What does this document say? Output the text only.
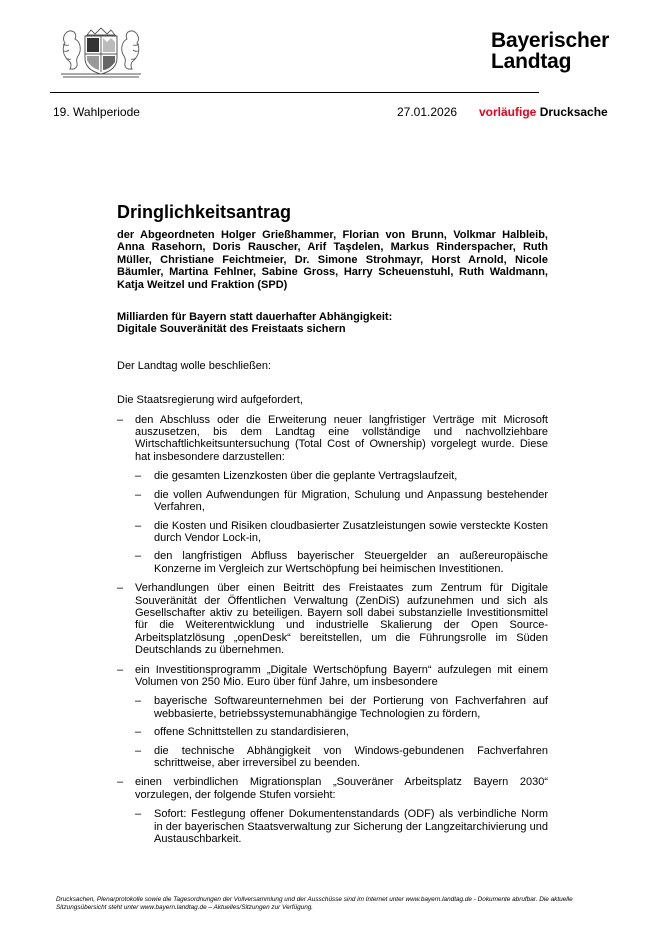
Bayerischer
Landtag
19. Wahlperiode	27.01.2026 vorläufige Drucksache
Dringlichkeitsantrag

der Abgeordneten Holger Grießhammer, Florian von Brunn, Volkmar Halbleib, Anna Rasehorn, Doris Rauscher, Arif Taşdelen, Markus Rinderspacher, Ruth Müller, Christiane Feichtmeier, Dr. Simone Strohmayr, Horst Arnold, Nicole Bäumler, Martina Fehlner, Sabine Gross, Harry Scheuenstuhl, Ruth Waldmann, Katja Weitzel und Fraktion (SPD)

Milliarden für Bayern statt dauerhafter Abhängigkeit:
Digitale Souveränität des Freistaats sichern

Der Landtag wolle beschließen:

Die Staatsregierung wird aufgefordert,

– den Abschluss oder die Erweiterung neuer langfristiger Verträge mit Microsoft auszusetzen, bis dem Landtag eine vollständige und nachvollziehbare Wirtschaftlichkeitsuntersuchung (Total Cost of Ownership) vorgelegt wurde. Diese hat insbesondere darzustellen:
– die gesamten Lizenzkosten über die geplante Vertragslaufzeit,
– die vollen Aufwendungen für Migration, Schulung und Anpassung bestehender Verfahren,
– die Kosten und Risiken cloudbasierter Zusatzleistungen sowie versteckte Kosten durch Vendor Lock-in,
– den langfristigen Abfluss bayerischer Steuergelder an außereuropäische Konzerne im Vergleich zur Wertschöpfung bei heimischen Investitionen.
– Verhandlungen über einen Beitritt des Freistaates zum Zentrum für Digitale Souveränität der Öffentlichen Verwaltung (ZenDiS) aufzunehmen und sich als Gesellschafter aktiv zu beteiligen. Bayern soll dabei substanzielle Investitionsmittel für die Weiterentwicklung und industrielle Skalierung der Open Source-Arbeitsplatzlösung „openDesk“ bereitstellen, um die Führungsrolle im Süden Deutschlands zu übernehmen.
– ein Investitionsprogramm „Digitale Wertschöpfung Bayern“ aufzulegen mit einem Volumen von 250 Mio. Euro über fünf Jahre, um insbesondere
– bayerische Softwareunternehmen bei der Portierung von Fachverfahren auf webbasierte, betriebssystemunabhängige Technologien zu fördern,
– offene Schnittstellen zu standardisieren,
– die technische Abhängigkeit von Windows-gebundenen Fachverfahren schrittweise, aber irreversibel zu beenden.
– einen verbindlichen Migrationsplan „Souveräner Arbeitsplatz Bayern 2030“ vorzulegen, der folgende Stufen vorsieht:
– Sofort: Festlegung offener Dokumentenstandards (ODF) als verbindliche Norm in der bayerischen Staatsverwaltung zur Sicherung der Langzeitarchivierung und Austauschbarkeit.
Drucksachen, Plenarprotokolle sowie die Tagesordnungen der Vollversammlung und der Ausschüsse sind im Internet unter www.bayern.landtag.de - Dokumente abrufbar. Die aktuelle
Sitzungsübersicht steht unter www.bayern.landtag.de – Aktuelles/Sitzungen zur Verfügung.
